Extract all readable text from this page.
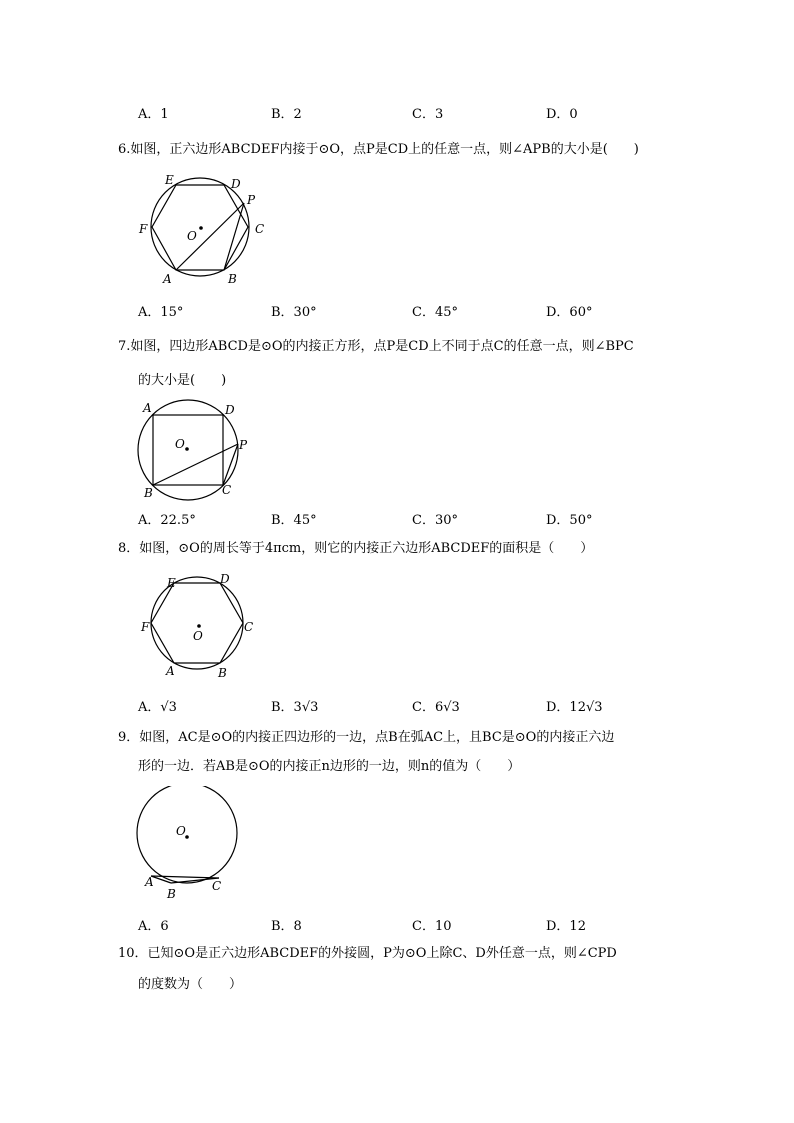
A．1	B．2	C．3	D．0
6.如图，正六边形ABCDEF内接于⊙O，点P是CD上的任意一点，则∠APB的大小是(　　)
E	D
P
F	O	C
A	B
A．15°	B．30°	C．45°	D．60°
7.如图，四边形ABCD是⊙O的内接正方形，点P是CD上不同于点C的任意一点，则∠BPC
的大小是(　　)
A	D
O	P
B	C
A．22.5°	B．45°	C．30°	D．50°
8．如图，⊙O的周长等于4πcm，则它的内接正六边形ABCDEF的面积是（　　）
E	D
F
O
C
A	B
A．√3	B．3√3	C．6√3	D．12√3
9．如图，AC是⊙O的内接正四边形的一边，点B在弧AC上，且BC是⊙O的内接正六边
形的一边．若AB是⊙O的内接正n边形的一边，则n的值为（　　）
O
A
B
C
A．6	B．8	C．10	D．12
10．已知⊙O是正六边形ABCDEF的外接圆，P为⊙O上除C、D外任意一点，则∠CPD
的度数为（　　）
